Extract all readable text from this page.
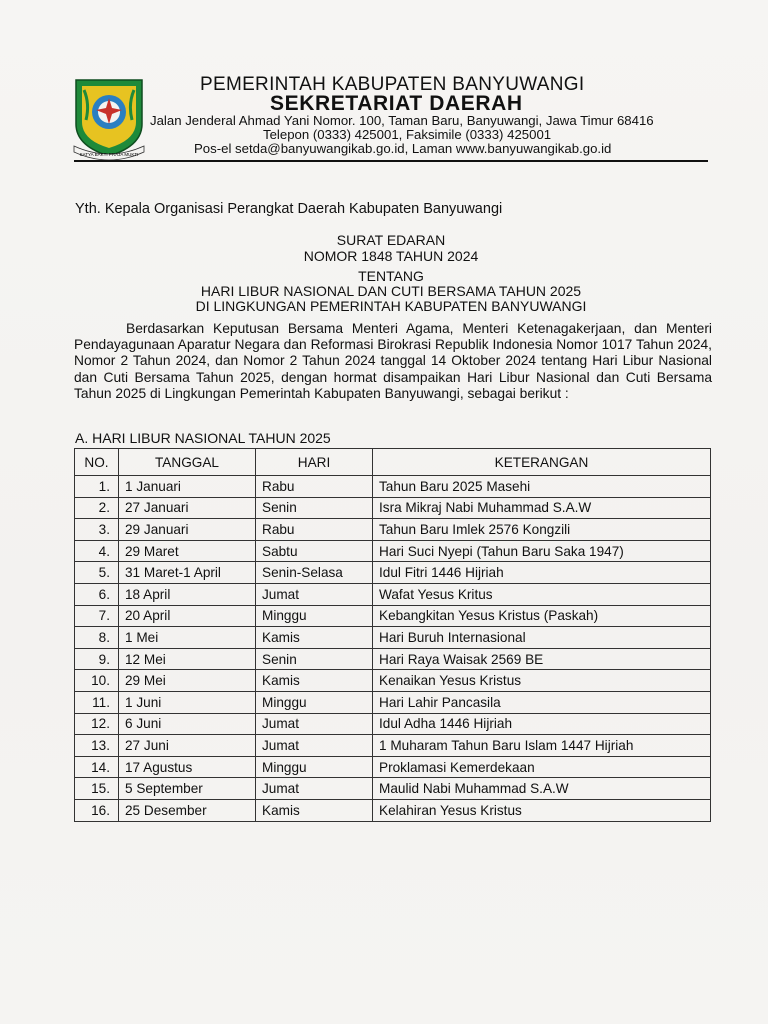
SATYA BAKTI PRAJA MUKTI
PEMERINTAH KABUPATEN BANYUWANGI
SEKRETARIAT DAERAH
Jalan Jenderal Ahmad Yani Nomor. 100, Taman Baru, Banyuwangi, Jawa Timur 68416
Telepon (0333) 425001, Faksimile (0333) 425001
Pos-el setda@banyuwangikab.go.id, Laman www.banyuwangikab.go.id
Yth. Kepala Organisasi Perangkat Daerah Kabupaten Banyuwangi
SURAT EDARAN
NOMOR 1848 TAHUN 2024
TENTANG
HARI LIBUR NASIONAL DAN CUTI BERSAMA TAHUN 2025
DI LINGKUNGAN PEMERINTAH KABUPATEN BANYUWANGI
Berdasarkan Keputusan Bersama Menteri Agama, Menteri Ketenagakerjaan, dan Menteri Pendayagunaan Aparatur Negara dan Reformasi Birokrasi Republik Indonesia Nomor 1017 Tahun 2024, Nomor 2 Tahun 2024, dan Nomor 2 Tahun 2024 tanggal 14 Oktober 2024 tentang Hari Libur Nasional dan Cuti Bersama Tahun 2025, dengan hormat disampaikan Hari Libur Nasional dan Cuti Bersama Tahun 2025 di Lingkungan Pemerintah Kabupaten Banyuwangi, sebagai berikut :
A. HARI LIBUR NASIONAL TAHUN 2025
NO.	TANGGAL	HARI	KETERANGAN
1.	1 Januari	Rabu	Tahun Baru 2025 Masehi
2.	27 Januari	Senin	Isra Mikraj Nabi Muhammad S.A.W
3.	29 Januari	Rabu	Tahun Baru Imlek 2576 Kongzili
4.	29 Maret	Sabtu	Hari Suci Nyepi (Tahun Baru Saka 1947)
5.	31 Maret-1 April	Senin-Selasa	Idul Fitri 1446 Hijriah
6.	18 April	Jumat	Wafat Yesus Kritus
7.	20 April	Minggu	Kebangkitan Yesus Kristus (Paskah)
8.	1 Mei	Kamis	Hari Buruh Internasional
9.	12 Mei	Senin	Hari Raya Waisak 2569 BE
10.	29 Mei	Kamis	Kenaikan Yesus Kristus
11.	1 Juni	Minggu	Hari Lahir Pancasila
12.	6 Juni	Jumat	Idul Adha 1446 Hijriah
13.	27 Juni	Jumat	1 Muharam Tahun Baru Islam 1447 Hijriah
14.	17 Agustus	Minggu	Proklamasi Kemerdekaan
15.	5 September	Jumat	Maulid Nabi Muhammad S.A.W
16.	25 Desember	Kamis	Kelahiran Yesus Kristus
